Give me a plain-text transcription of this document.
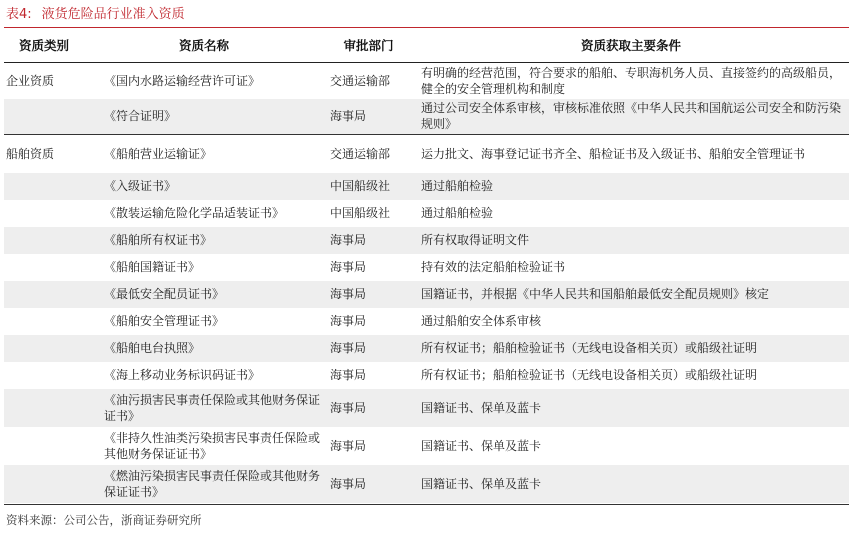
表4: 液货危险品行业准入资质
资质类别	资质名称	审批部门	资质获取主要条件
企业资质	《国内水路运输经营许可证》	交通运输部	有明确的经营范围，符合要求的船舶、专职海机务人员、直接签约的高级船员，健全的安全管理机构和制度
	《符合证明》	海事局	通过公司安全体系审核，审核标准依照《中华人民共和国航运公司安全和防污染规则》
船舶资质	《船舶营业运输证》	交通运输部	运力批文、海事登记证书齐全、船检证书及入级证书、船舶安全管理证书
	《入级证书》	中国船级社	通过船舶检验
	《散装运输危险化学品适装证书》	中国船级社	通过船舶检验
	《船舶所有权证书》	海事局	所有权取得证明文件
	《船舶国籍证书》	海事局	持有效的法定船舶检验证书
	《最低安全配员证书》	海事局	国籍证书，并根据《中华人民共和国船舶最低安全配员规则》核定
	《船舶安全管理证书》	海事局	通过船舶安全体系审核
	《船舶电台执照》	海事局	所有权证书；船舶检验证书（无线电设备相关页）或船级社证明
	《海上移动业务标识码证书》	海事局	所有权证书；船舶检验证书（无线电设备相关页）或船级社证明
	《油污损害民事责任保险或其他财务保证证书》	海事局	国籍证书、保单及蓝卡
	《非持久性油类污染损害民事责任保险或其他财务保证证书》	海事局	国籍证书、保单及蓝卡
	《燃油污染损害民事责任保险或其他财务保证证书》	海事局	国籍证书、保单及蓝卡
资料来源：公司公告，浙商证券研究所
